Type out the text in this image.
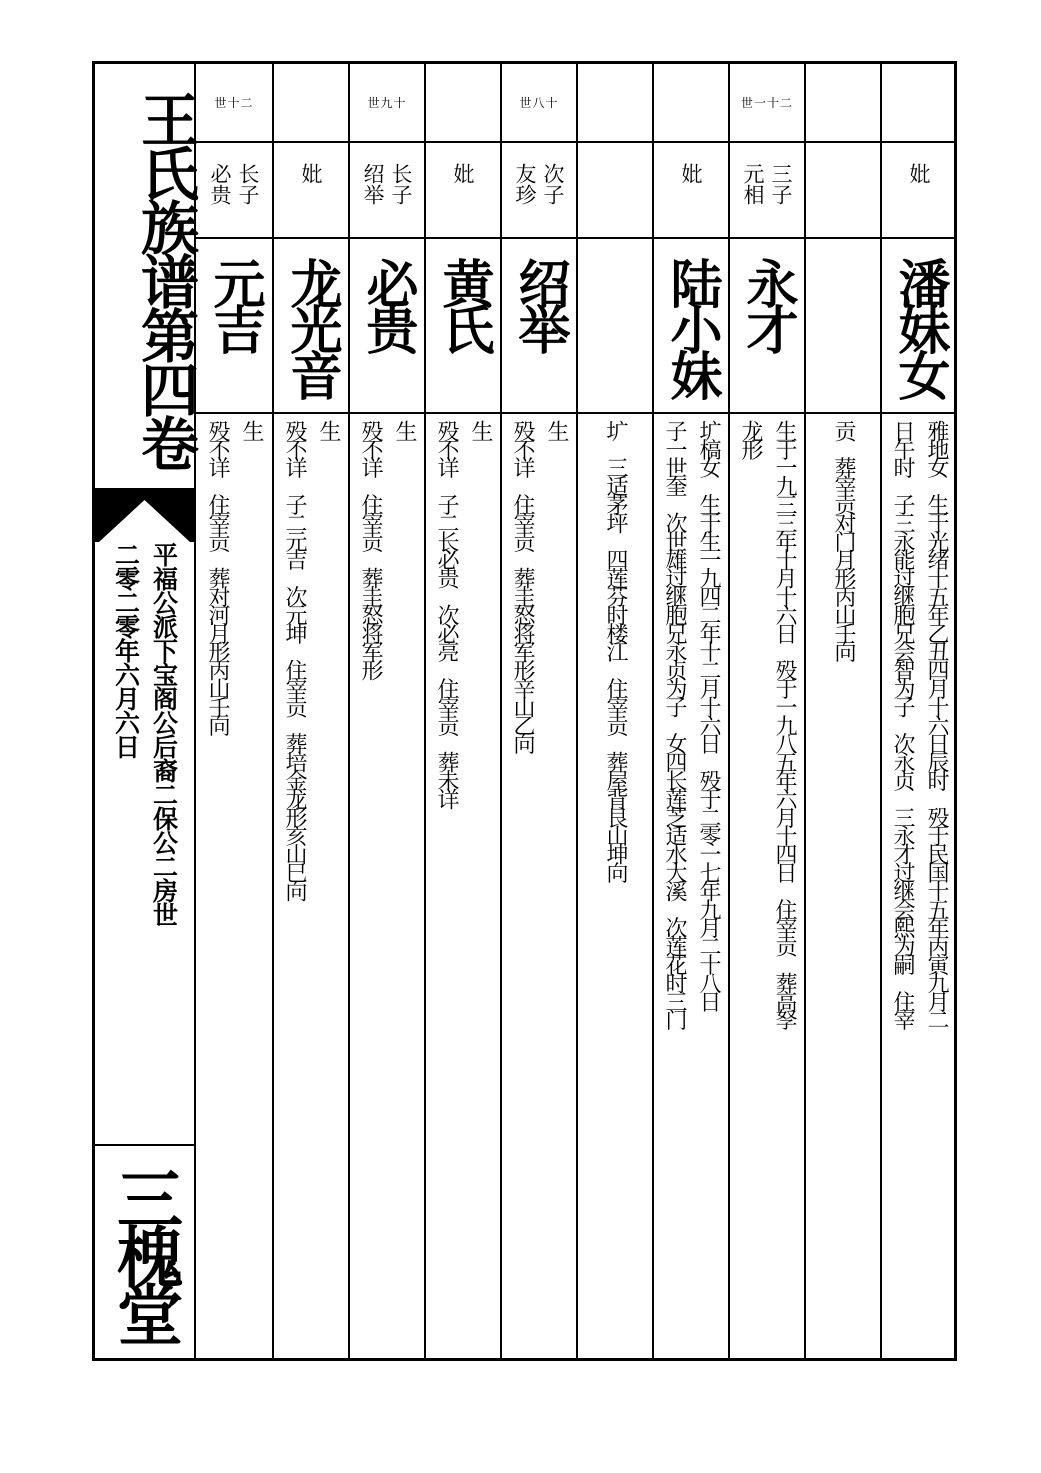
王氏族谱第四卷
平福公派下宝阁公后裔二保公二房世
二零二零年六月六日
三槐堂
世十二
长子
必贵
元吉
生
殁不详　住宰贡　葬对河月形丙山壬向
妣
龙光音
生
殁不详　子二元吉　次元坤　住宰贡　葬培金龙形亥山巳向
世九十
长子
绍举
必贵
生
殁不详　住宰贡　葬圭怒将军形
妣
黄氏
生
殁不详　子二长必贵　次必亮　住宰贡　葬未详
世八十
次子
友珍
绍举
生
殁不详　住宰贡　葬圭怒将军形辛山乙向	圹　三适茅坪　四莲芬时楼江　住宰贡　葬屋背艮山坤向
妣
陆小妹
圹槁女　生于生一九四二年十二月十六日　殁于二零一七年九月二十八日
子一世奎　次世雄过继胞兄永贞为子　女四长莲芝适水大溪　次莲花时三门
世一十二
三子
元相
永才
生于一九三三年十月十六日　殁于一九八五年六月十四日　住宰贡　葬高孥
龙形	贡　葬宰贡对门月形丙山壬向
妣
潘妹女
雅地女　生于光绪十五年乙丑四月十六日辰时　殁于民国十五年丙寅九月二
日午时　子三永能过继胞兄会智为子　次永贞　三永才过继会熙为嗣　住宰
